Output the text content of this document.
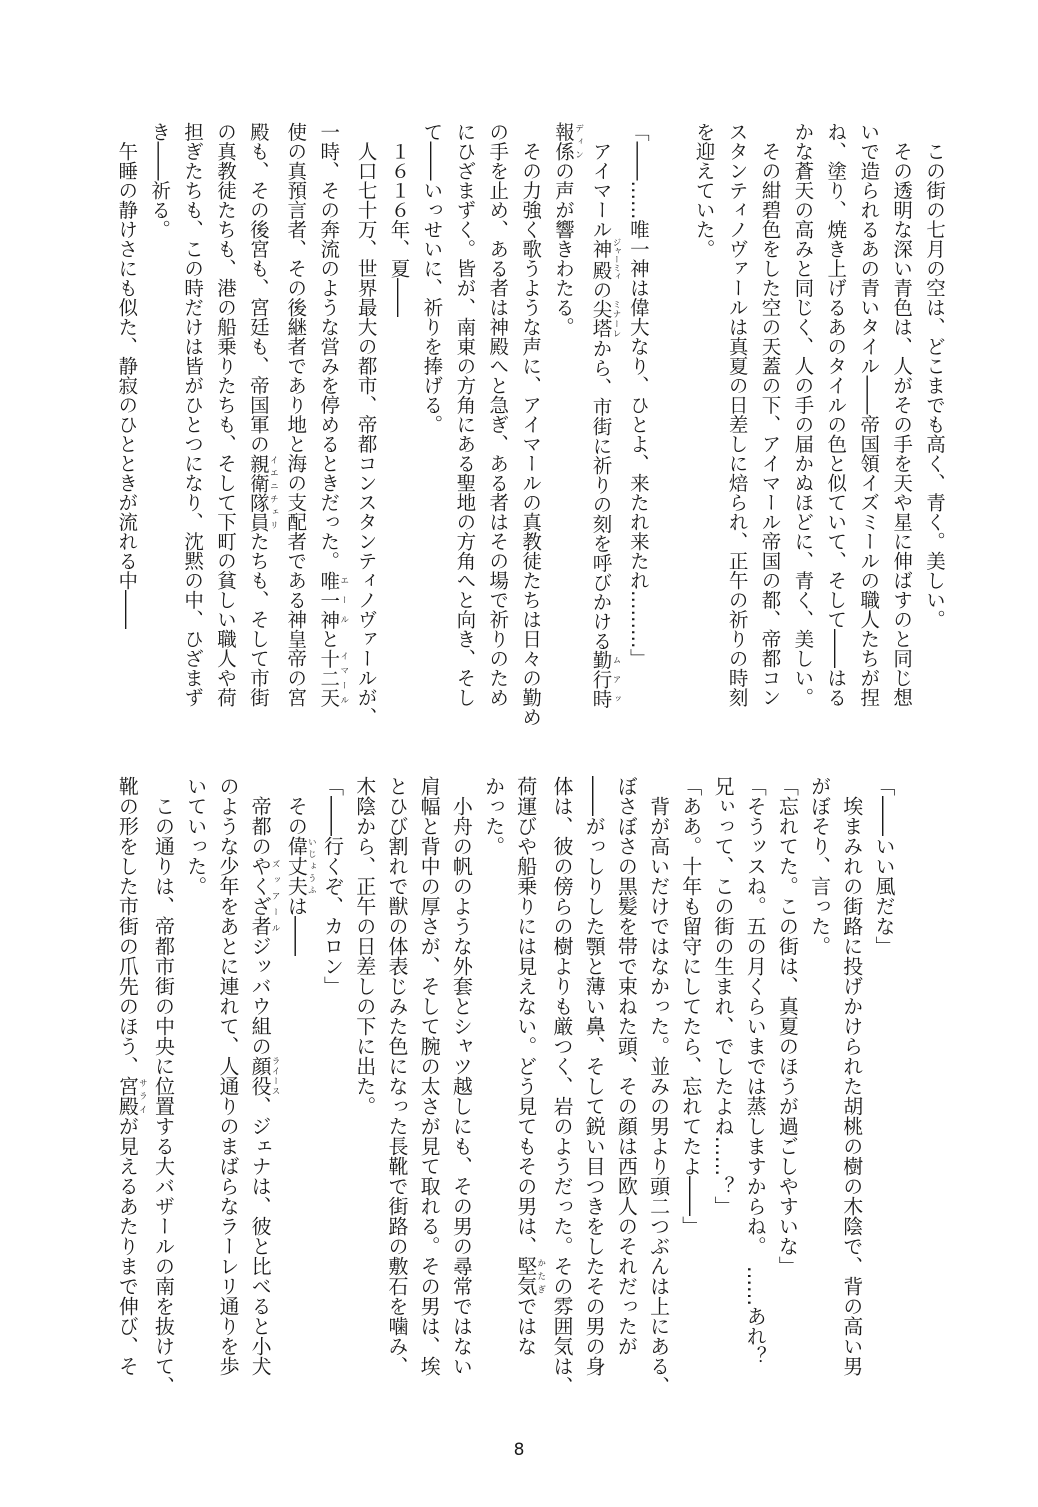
　この街の七月の空は、どこまでも高く、青く。美しい。
　その透明な深い青色は、人がその手を天や星に伸ばすのと同じ想
いで造られるあの青いタイル――帝国領イズミールの職人たちが捏
ね、塗り、焼き上げるあのタイルの色と似ていて、そして――はる
かな蒼天の高みと同じく、人の手の届かぬほどに、青く、美しい。
　その紺碧色をした空の天蓋の下、アイマール帝国の都、帝都コン
スタンティノヴァールは真夏の日差しに焙られ、正午の祈りの時刻
を迎えていた。

「――……唯一神は偉大なり、ひとよ、来たれ来たれ………」
　アイマール神殿ジャーミィの尖塔ミナーレから、市街に祈りの刻を呼びかける勤行時ムアッ
報係ディンの声が響きわたる。
　その力強く歌うような声に、アイマールの真教徒たちは日々の勤め
の手を止め、ある者は神殿へと急ぎ、ある者はその場で祈りのため
にひざまずく。皆が、南東の方角にある聖地の方角へと向き、そし
て――いっせいに、祈りを捧げる。
　１６１６年、夏――
　人口七十万、世界最大の都市、帝都コンスタンティノヴァールが、
一時、その奔流のような営みを停めるときだった。唯一神エールと十二天イマール
使の真預言者、その後継者であり地と海の支配者である神皇帝の宮
殿も、その後宮も、宮廷も、帝国軍の親衛隊員イエニチェリたちも、そして市街
の真教徒たちも、港の船乗りたちも、そして下町の貧しい職人や荷
担ぎたちも、この時だけは皆がひとつになり、沈黙の中、ひざまず
き――祈る。
　午睡の静けさにも似た、静寂のひとときが流れる中――
「――いい風だな」
　埃まみれの街路に投げかけられた胡桃の樹の木陰で、背の高い男
がぼそり、言った。
「忘れてた。この街は、真夏のほうが過ごしやすいな」
「そうッスね。五の月くらいまでは蒸しますからね。　……あれ？
兄ぃって、この街の生まれ、でしたよね……？」
「ああ。十年も留守にしてたら、忘れてたよ――」
　背が高いだけではなかった。並みの男より頭二つぶんは上にある、
ぼさぼさの黒髪を帯で束ねた頭、その顔は西欧人のそれだったが
――がっしりした顎と薄い鼻、そして鋭い目つきをしたその男の身
体は、彼の傍らの樹よりも厳つく、岩のようだった。その雰囲気は、
荷運びや船乗りには見えない。どう見てもその男は、堅気かたぎではな
かった。
　小舟の帆のような外套とシャツ越しにも、その男の尋常ではない
肩幅と背中の厚さが、そして腕の太さが見て取れる。その男は、埃
とひび割れで獣の体表じみた色になった長靴で街路の敷石を噛み、
木陰から、正午の日差しの下に出た。
「――行くぞ、カロン」
　その偉丈夫いじょうふは――
　帝都のやくざ者ズッアールジッバウ組の顔役ライース、ジェナは、彼と比べると小犬
のような少年をあとに連れて、人通りのまばらなラーレリ通りを歩
いていった。
　この通りは、帝都市街の中央に位置する大バザールの南を抜けて、
靴の形をした市街の爪先のほう、宮殿サライが見えるあたりまで伸び、そ
8
